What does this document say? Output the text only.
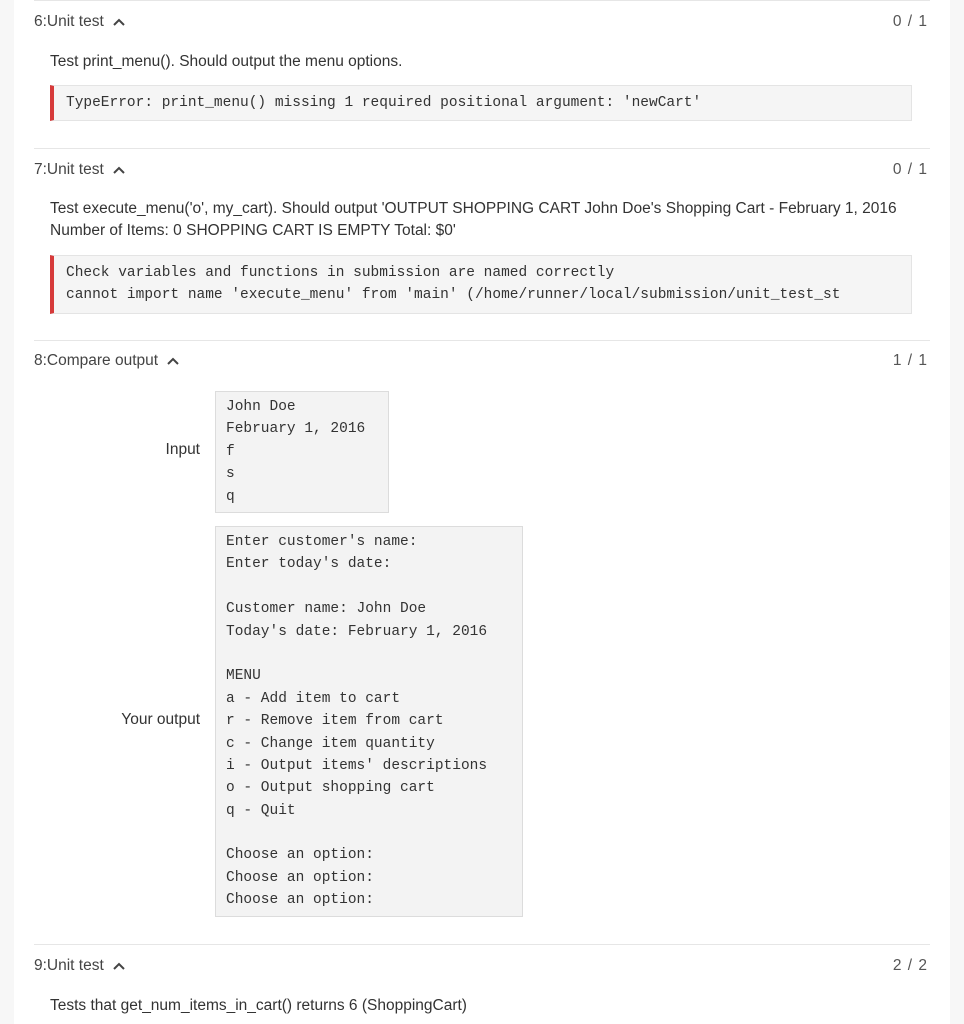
6:Unit test	0 / 1
Test print_menu(). Should output the menu options.
TypeError: print_menu() missing 1 required positional argument: 'newCart'
7:Unit test	0 / 1
Test execute_menu('o', my_cart). Should output 'OUTPUT SHOPPING CART John Doe's Shopping Cart - February 1, 2016
Number of Items: 0 SHOPPING CART IS EMPTY Total: $0'
Check variables and functions in submission are named correctly
cannot import name 'execute_menu' from 'main' (/home/runner/local/submission/unit_test_st
8:Compare output	1 / 1
Input
John Doe
February 1, 2016
f
s
q
Your output
Enter customer's name:
Enter today's date:
Customer name: John Doe
Today's date: February 1, 2016
MENU
a - Add item to cart
r - Remove item from cart
c - Change item quantity
i - Output items' descriptions
o - Output shopping cart
q - Quit
Choose an option:
Choose an option:
Choose an option:
9:Unit test	2 / 2
Tests that get_num_items_in_cart() returns 6 (ShoppingCart)
